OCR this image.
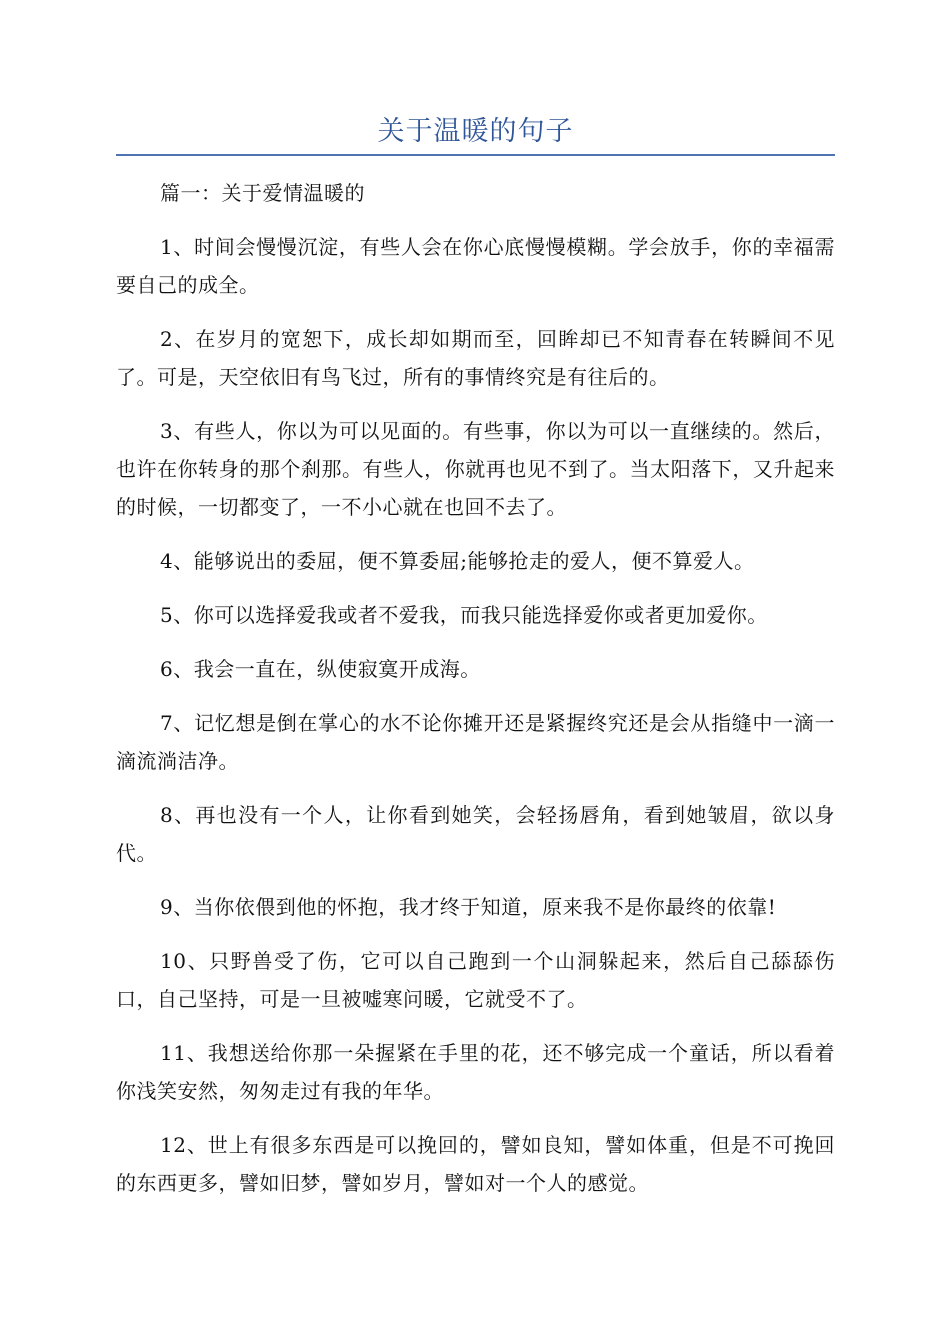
关于温暖的句子

篇一：关于爱情温暖的

1、时间会慢慢沉淀，有些人会在你心底慢慢模糊。学会放手，你的幸福需要自己的成全。

2、在岁月的宽恕下，成长却如期而至，回眸却已不知青春在转瞬间不见了。可是，天空依旧有鸟飞过，所有的事情终究是有往后的。

3、有些人，你以为可以见面的。有些事，你以为可以一直继续的。然后，也许在你转身的那个刹那。有些人，你就再也见不到了。当太阳落下，又升起来的时候，一切都变了，一不小心就在也回不去了。

4、能够说出的委屈，便不算委屈;能够抢走的爱人，便不算爱人。

5、你可以选择爱我或者不爱我，而我只能选择爱你或者更加爱你。

6、我会一直在，纵使寂寞开成海。

7、记忆想是倒在掌心的水不论你摊开还是紧握终究还是会从指缝中一滴一滴流淌洁净。

8、再也没有一个人，让你看到她笑，会轻扬唇角，看到她皱眉，欲以身代。

9、当你依偎到他的怀抱，我才终于知道，原来我不是你最终的依靠!

10、只野兽受了伤，它可以自己跑到一个山洞躲起来，然后自己舔舔伤口，自己坚持，可是一旦被嘘寒问暖，它就受不了。

11、我想送给你那一朵握紧在手里的花，还不够完成一个童话，所以看着你浅笑安然，匆匆走过有我的年华。

12、世上有很多东西是可以挽回的，譬如良知，譬如体重，但是不可挽回的东西更多，譬如旧梦，譬如岁月，譬如对一个人的感觉。
